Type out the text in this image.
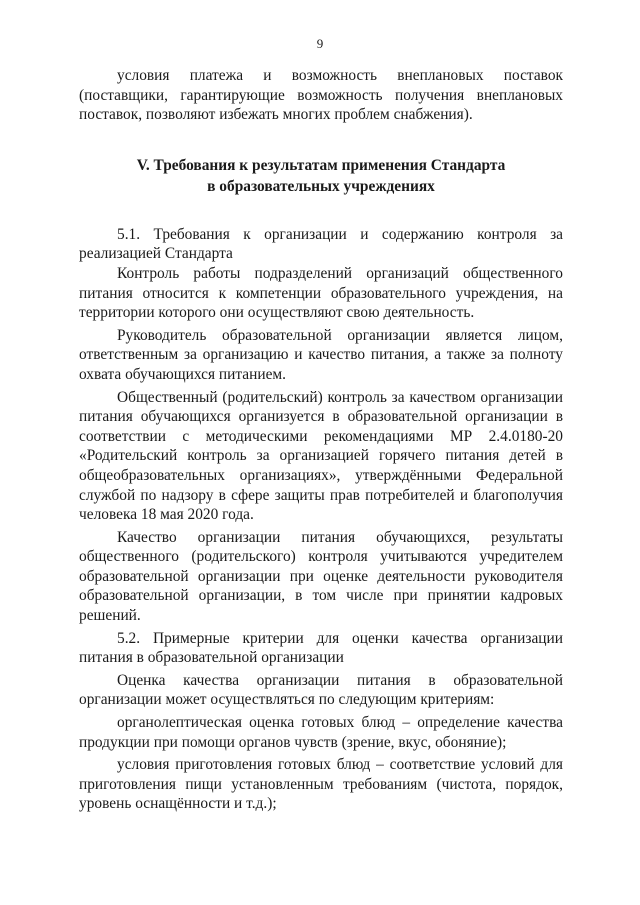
9

условия платежа и возможность внеплановых поставок (поставщики, гарантирующие возможность получения внеплановых поставок, позволяют избежать многих проблем снабжения).

V. Требования к результатам применения Стандарта
в образовательных учреждениях

5.1. Требования к организации и содержанию контроля за реализацией Стандарта

Контроль работы подразделений организаций общественного питания относится к компетенции образовательного учреждения, на территории которого они осуществляют свою деятельность.

Руководитель образовательной организации является лицом, ответственным за организацию и качество питания, а также за полноту охвата обучающихся питанием.

Общественный (родительский) контроль за качеством организации питания обучающихся организуется в образовательной организации в соответствии с методическими рекомендациями МР 2.4.0180-20 «Родительский контроль за организацией горячего питания детей в общеобразовательных организациях», утверждёнными Федеральной службой по надзору в сфере защиты прав потребителей и благополучия человека 18 мая 2020 года.

Качество организации питания обучающихся, результаты общественного (родительского) контроля учитываются учредителем образовательной организации при оценке деятельности руководителя образовательной организации, в том числе при принятии кадровых решений.

5.2. Примерные критерии для оценки качества организации питания в образовательной организации

Оценка качества организации питания в образовательной организации может осуществляться по следующим критериям:

органолептическая оценка готовых блюд – определение качества продукции при помощи органов чувств (зрение, вкус, обоняние);

условия приготовления готовых блюд – соответствие условий для приготовления пищи установленным требованиям (чистота, порядок, уровень оснащённости и т.д.);
